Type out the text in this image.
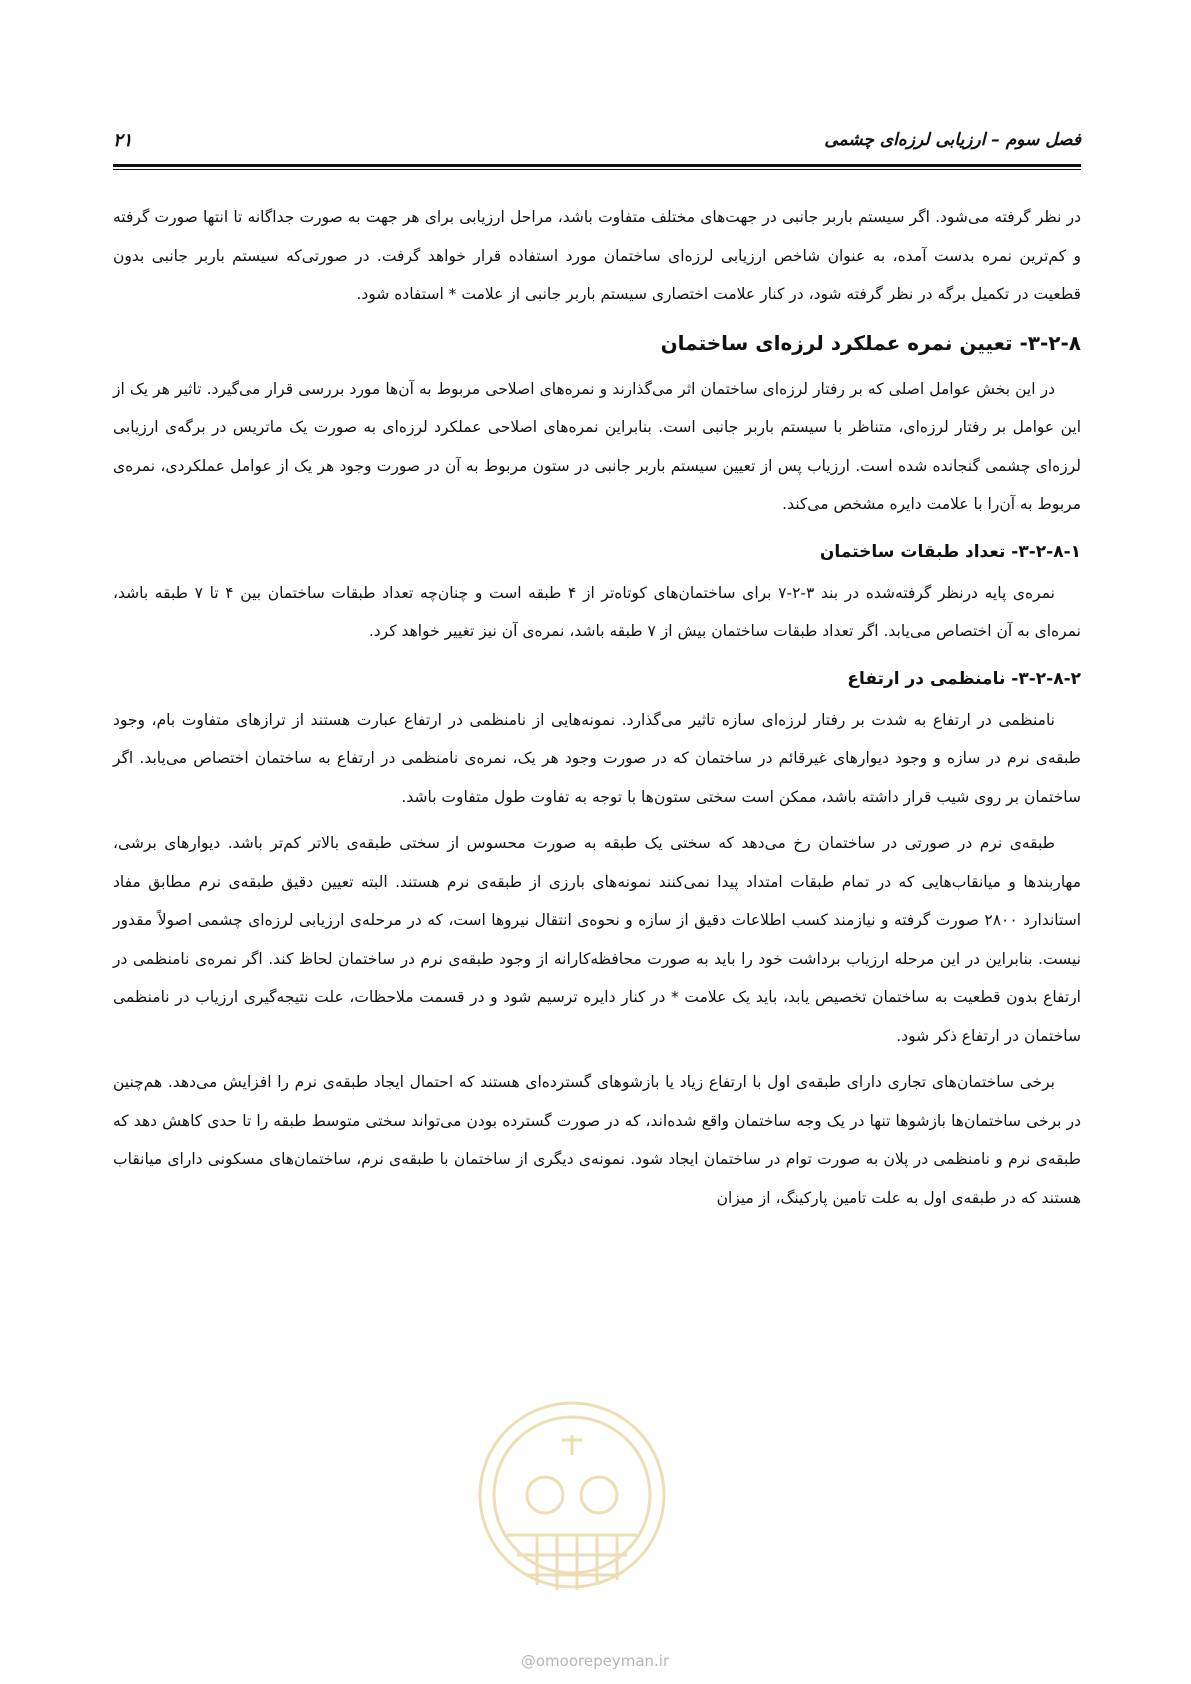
فصل سوم – ارزیابی لرزه‌ای چشمی
۲۱

در نظر گرفته می‌شود. اگر سیستم باربر جانبی در جهت‌های مختلف متفاوت باشد، مراحل ارزیابی برای هر جهت به صورت جداگانه تا انتها صورت گرفته و کم‌ترین نمره بدست آمده، به عنوان شاخص ارزیابی لرزه‌ای ساختمان مورد استفاده قرار خواهد گرفت. در صورتی‌که سیستم باربر جانبی بدون قطعیت در تکمیل برگه در نظر گرفته شود، در کنار علامت اختصاری سیستم باربر جانبی از علامت * استفاده شود.

۳-۲-۸- تعیین نمره عملکرد لرزه‌ای ساختمان

در این بخش عوامل اصلی که بر رفتار لرزه‌ای ساختمان اثر می‌گذارند و نمره‌های اصلاحی مربوط به آن‌ها مورد بررسی قرار می‌گیرد. تاثیر هر یک از این عوامل بر رفتار لرزه‌ای، متناظر با سیستم باربر جانبی است. بنابراین نمره‌های اصلاحی عملکرد لرزه‌ای به صورت یک ماتریس در برگه‌ی ارزیابی لرزه‌ای چشمی گنجانده شده است. ارزیاب پس از تعیین سیستم باربر جانبی در ستون مربوط به آن در صورت وجود هر یک از عوامل عملکردی، نمره‌ی مربوط به آن‌را با علامت دایره مشخص می‌کند.

۳-۲-۸-۱- تعداد طبقات ساختمان

نمره‌ی پایه درنظر گرفته‌شده در بند ۳-۲-۷ برای ساختمان‌های کوتاه‌تر از ۴ طبقه است و چنان‌چه تعداد طبقات ساختمان بین ۴ تا ۷ طبقه باشد، نمره‌ای به آن اختصاص می‌یابد. اگر تعداد طبقات ساختمان بیش از ۷ طبقه باشد، نمره‌ی آن نیز تغییر خواهد کرد.

۳-۲-۸-۲- نامنظمی در ارتفاع

نامنظمی در ارتفاع به شدت بر رفتار لرزه‌ای سازه تاثیر می‌گذارد. نمونه‌هایی از نامنظمی در ارتفاع عبارت هستند از ترازهای متفاوت بام، وجود طبقه‌ی نرم در سازه و وجود دیوارهای غیرقائم در ساختمان که در صورت وجود هر یک، نمره‌ی نامنظمی در ارتفاع به ساختمان اختصاص می‌یابد. اگر ساختمان بر روی شیب قرار داشته باشد، ممکن است سختی ستون‌ها با توجه به تفاوت طول متفاوت باشد.

طبقه‌ی نرم در صورتی در ساختمان رخ می‌دهد که سختی یک طبقه به صورت محسوس از سختی طبقه‌ی بالاتر کم‌تر باشد. دیوارهای برشی، مهاربندها و میانقاب‌هایی که در تمام طبقات امتداد پیدا نمی‌کنند نمونه‌های بارزی از طبقه‌ی نرم هستند. البته تعیین دقیق طبقه‌ی نرم مطابق مفاد استاندارد ۲۸۰۰ صورت گرفته و نیازمند کسب اطلاعات دقیق از سازه و نحوه‌ی انتقال نیروها است، که در مرحله‌ی ارزیابی لرزه‌ای چشمی اصولاً مقدور نیست. بنابراین در این مرحله ارزیاب برداشت خود را باید به صورت محافظه‌کارانه از وجود طبقه‌ی نرم در ساختمان لحاظ کند. اگر نمره‌ی نامنظمی در ارتفاع بدون قطعیت به ساختمان تخصیص یابد، باید یک علامت * در کنار دایره ترسیم شود و در قسمت ملاحظات، علت نتیجه‌گیری ارزیاب در نامنظمی ساختمان در ارتفاع ذکر شود.

برخی ساختمان‌های تجاری دارای طبقه‌ی اول با ارتفاع زیاد یا بازشوهای گسترده‌ای هستند که احتمال ایجاد طبقه‌ی نرم را افزایش می‌دهد. هم‌چنین در برخی ساختمان‌ها بازشوها تنها در یک وجه ساختمان واقع شده‌اند، که در صورت گسترده بودن می‌تواند سختی متوسط طبقه را تا حدی کاهش دهد که طبقه‌ی نرم و نامنظمی در پلان به صورت توام در ساختمان ایجاد شود. نمونه‌ی دیگری از ساختمان با طبقه‌ی نرم، ساختمان‌های مسکونی دارای میانقاب هستند که در طبقه‌ی اول به علت تامین پارکینگ، از میزان

@omoorepeyman.ir
